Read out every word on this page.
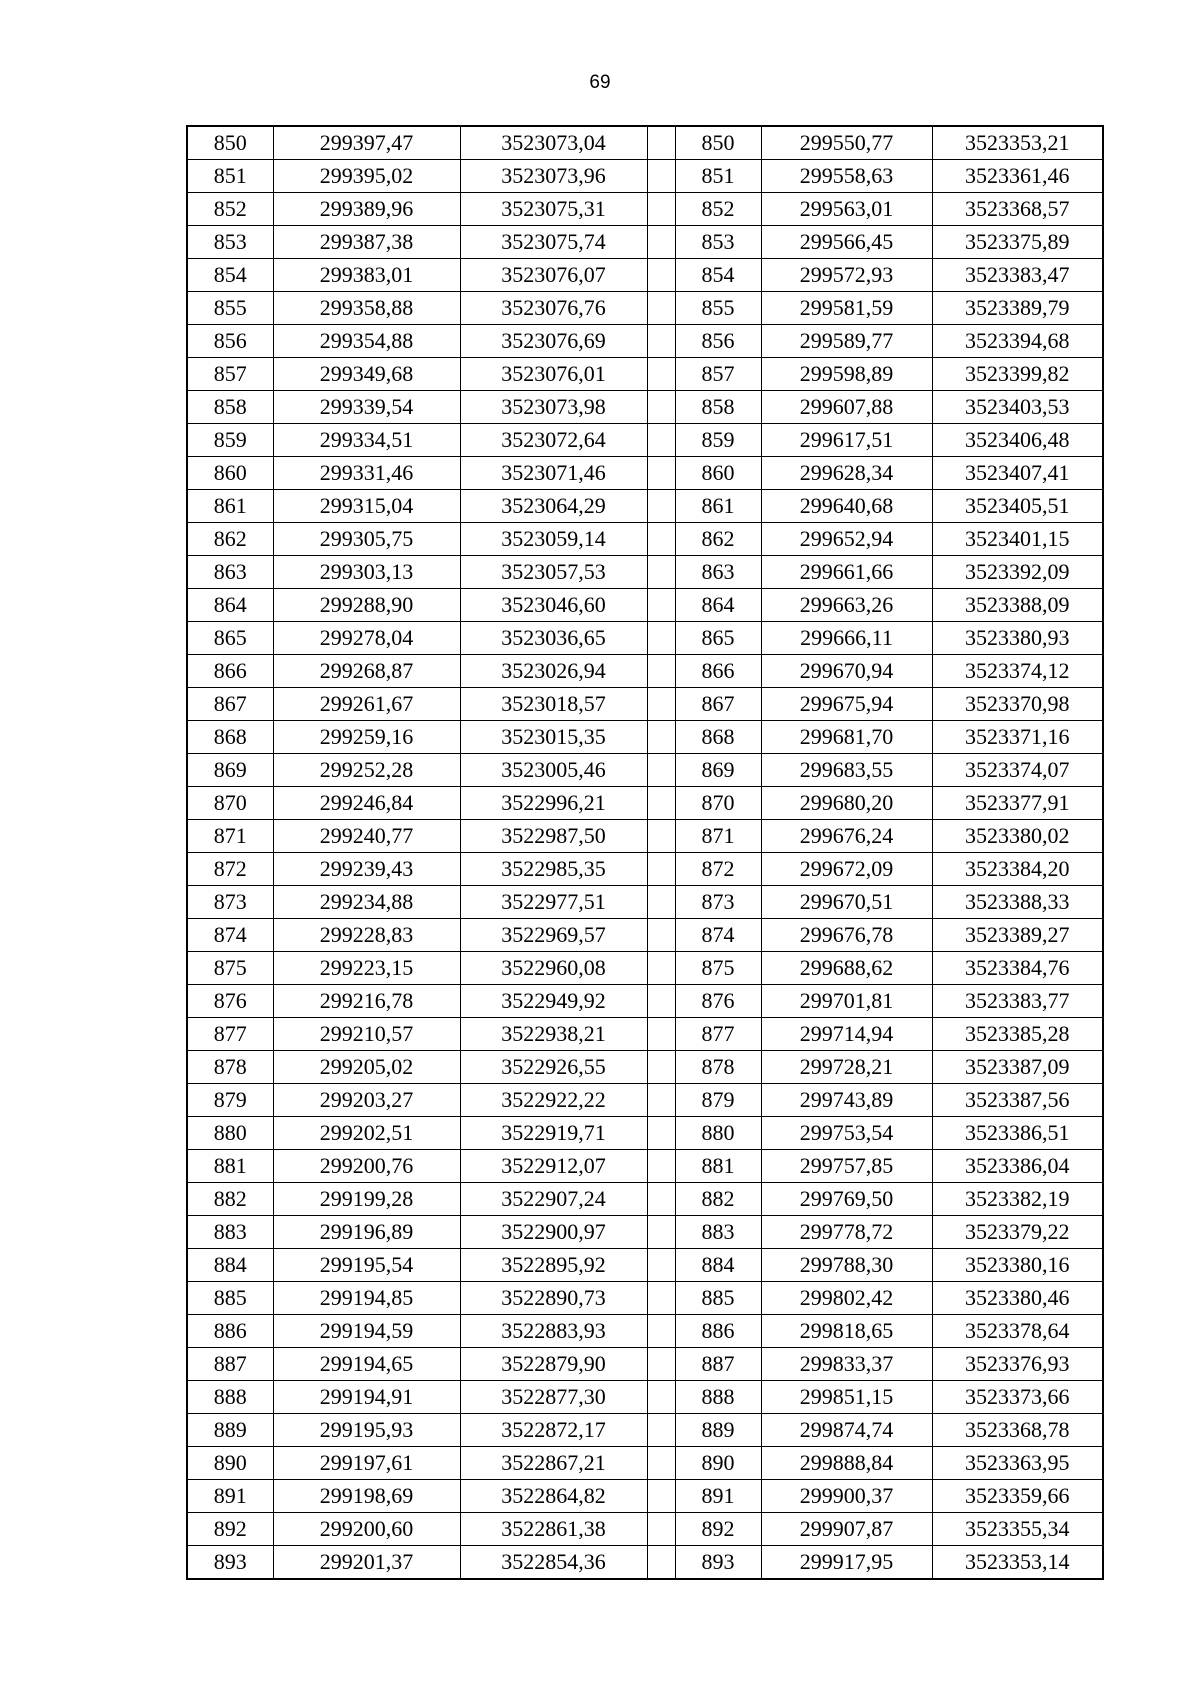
69
850	299397,47	3523073,04		850	299550,77	3523353,21
851	299395,02	3523073,96		851	299558,63	3523361,46
852	299389,96	3523075,31		852	299563,01	3523368,57
853	299387,38	3523075,74		853	299566,45	3523375,89
854	299383,01	3523076,07		854	299572,93	3523383,47
855	299358,88	3523076,76		855	299581,59	3523389,79
856	299354,88	3523076,69		856	299589,77	3523394,68
857	299349,68	3523076,01		857	299598,89	3523399,82
858	299339,54	3523073,98		858	299607,88	3523403,53
859	299334,51	3523072,64		859	299617,51	3523406,48
860	299331,46	3523071,46		860	299628,34	3523407,41
861	299315,04	3523064,29		861	299640,68	3523405,51
862	299305,75	3523059,14		862	299652,94	3523401,15
863	299303,13	3523057,53		863	299661,66	3523392,09
864	299288,90	3523046,60		864	299663,26	3523388,09
865	299278,04	3523036,65		865	299666,11	3523380,93
866	299268,87	3523026,94		866	299670,94	3523374,12
867	299261,67	3523018,57		867	299675,94	3523370,98
868	299259,16	3523015,35		868	299681,70	3523371,16
869	299252,28	3523005,46		869	299683,55	3523374,07
870	299246,84	3522996,21		870	299680,20	3523377,91
871	299240,77	3522987,50		871	299676,24	3523380,02
872	299239,43	3522985,35		872	299672,09	3523384,20
873	299234,88	3522977,51		873	299670,51	3523388,33
874	299228,83	3522969,57		874	299676,78	3523389,27
875	299223,15	3522960,08		875	299688,62	3523384,76
876	299216,78	3522949,92		876	299701,81	3523383,77
877	299210,57	3522938,21		877	299714,94	3523385,28
878	299205,02	3522926,55		878	299728,21	3523387,09
879	299203,27	3522922,22		879	299743,89	3523387,56
880	299202,51	3522919,71		880	299753,54	3523386,51
881	299200,76	3522912,07		881	299757,85	3523386,04
882	299199,28	3522907,24		882	299769,50	3523382,19
883	299196,89	3522900,97		883	299778,72	3523379,22
884	299195,54	3522895,92		884	299788,30	3523380,16
885	299194,85	3522890,73		885	299802,42	3523380,46
886	299194,59	3522883,93		886	299818,65	3523378,64
887	299194,65	3522879,90		887	299833,37	3523376,93
888	299194,91	3522877,30		888	299851,15	3523373,66
889	299195,93	3522872,17		889	299874,74	3523368,78
890	299197,61	3522867,21		890	299888,84	3523363,95
891	299198,69	3522864,82		891	299900,37	3523359,66
892	299200,60	3522861,38		892	299907,87	3523355,34
893	299201,37	3522854,36		893	299917,95	3523353,14
